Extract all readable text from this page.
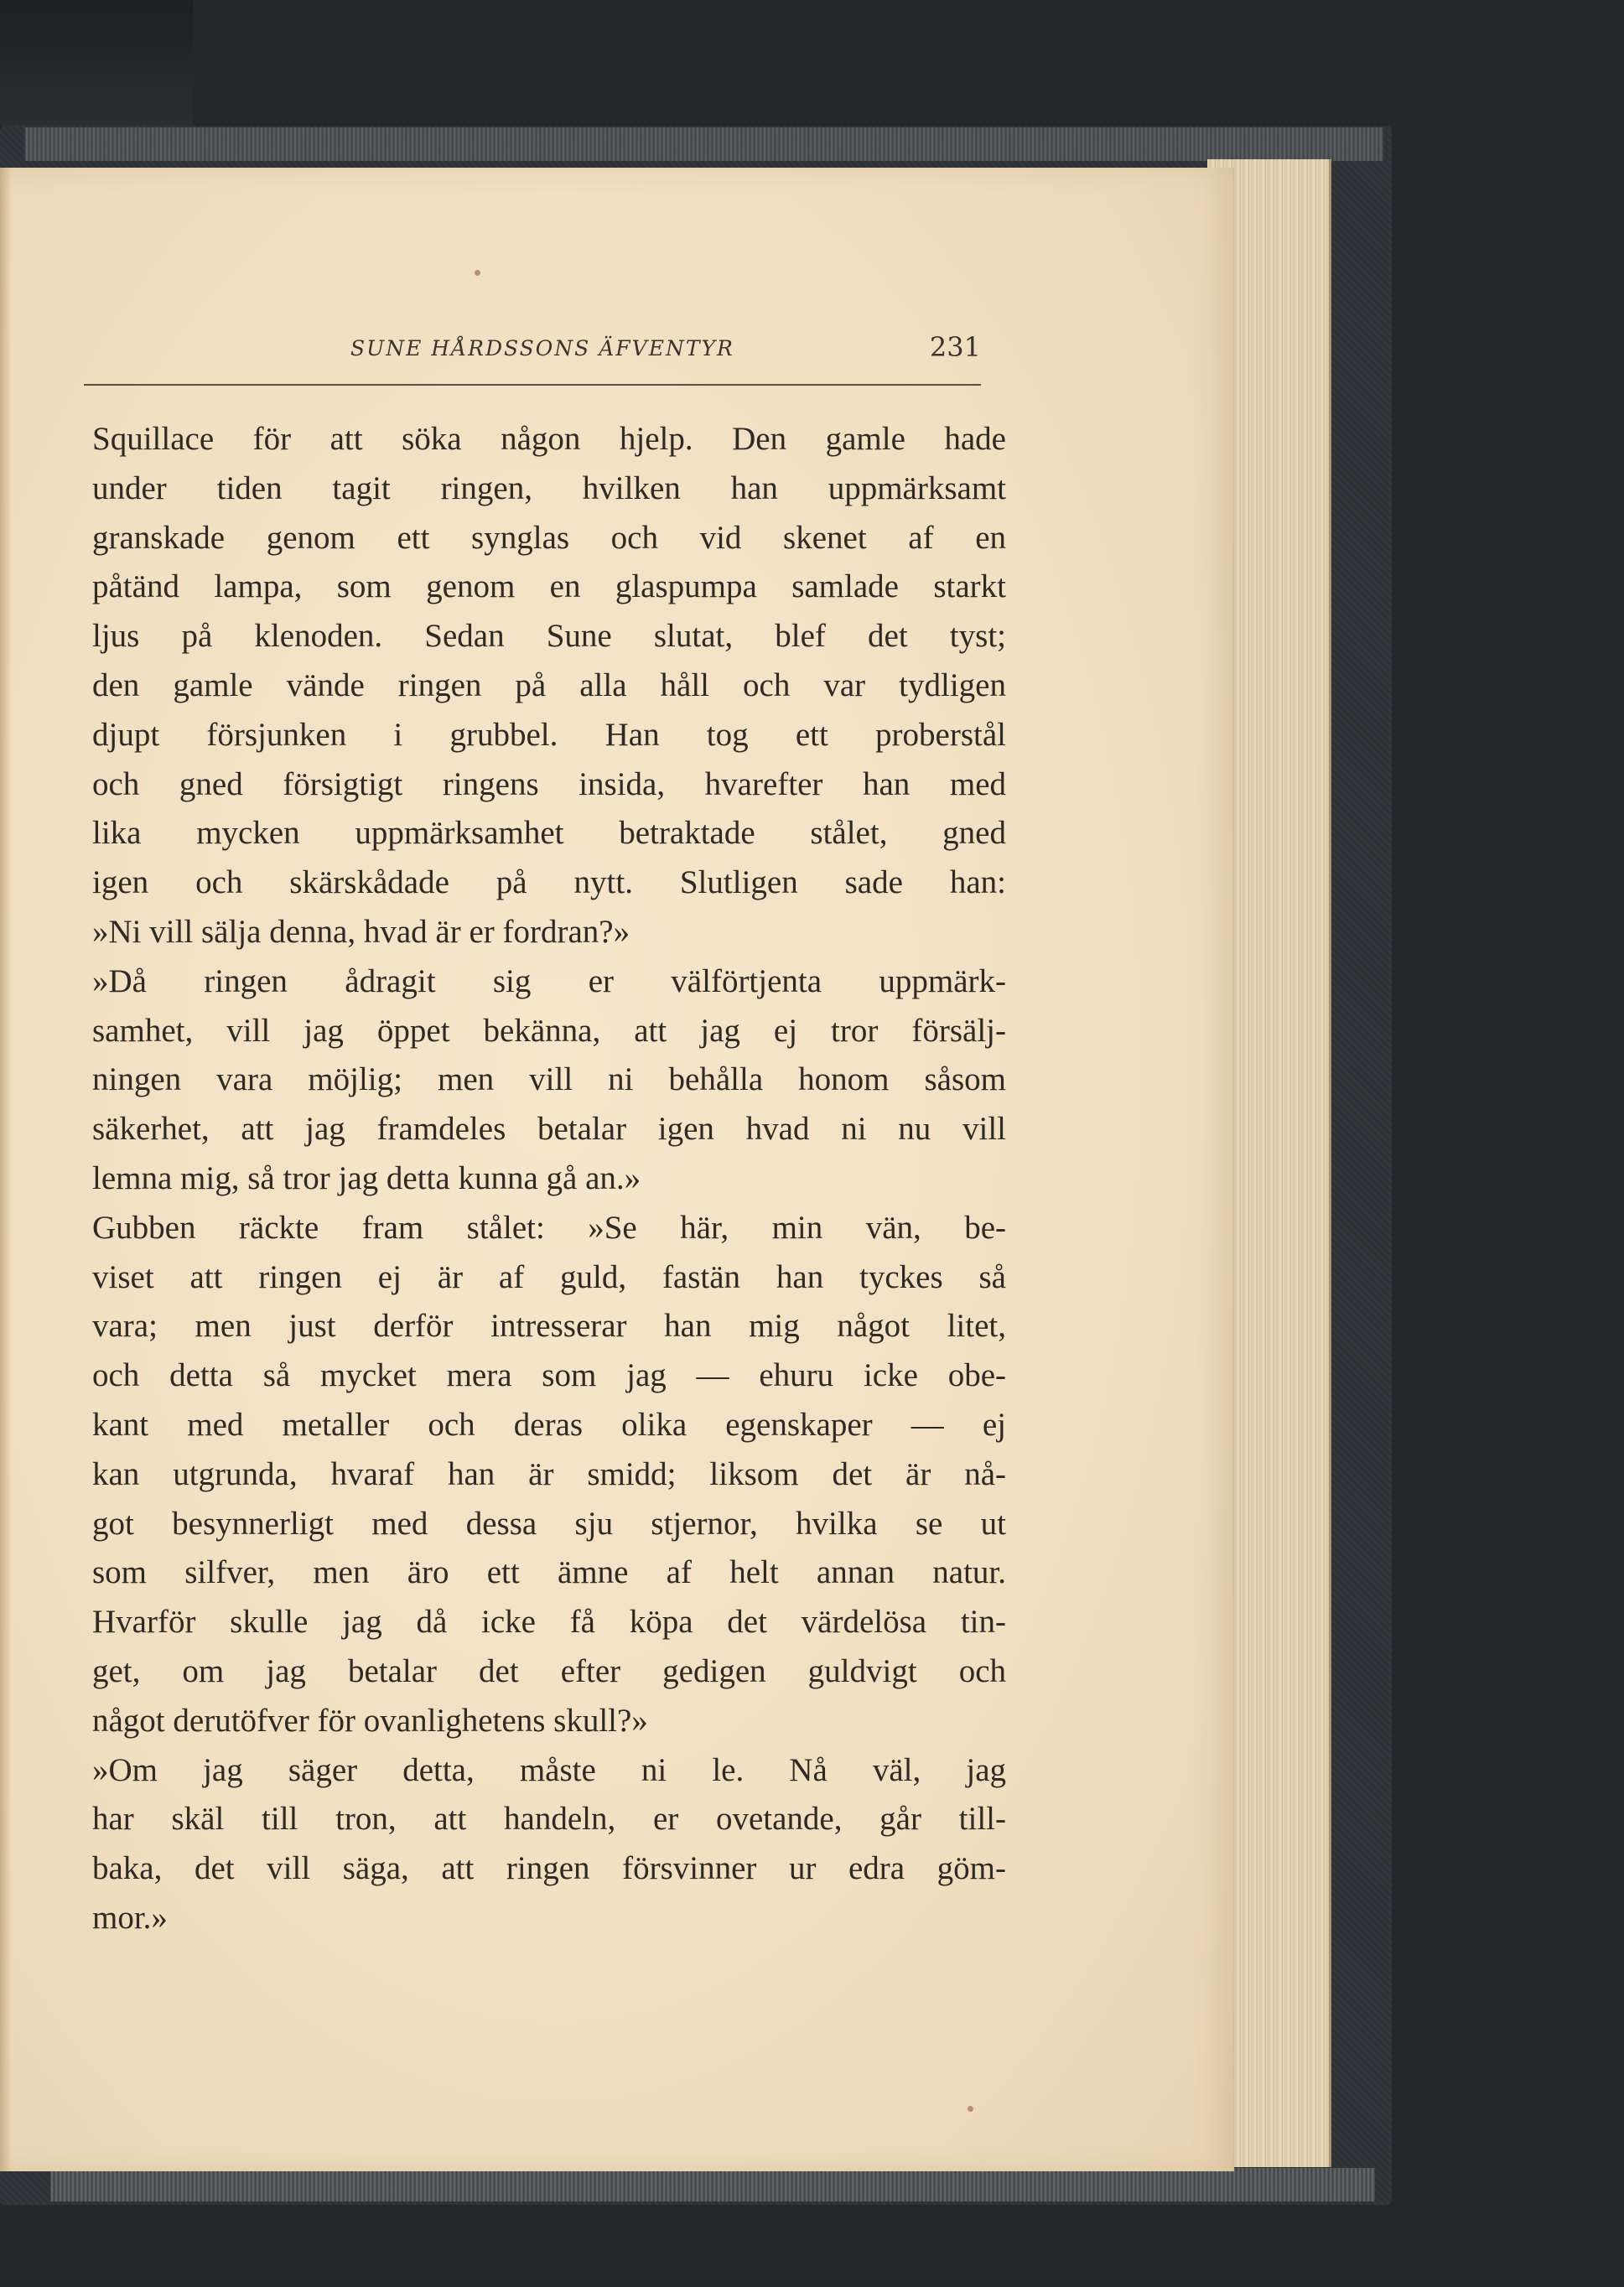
SUNE HÅRDSSONS ÄFVENTYR	231
Squillace för att söka någon hjelp. Den gamle hade
under tiden tagit ringen, hvilken han uppmärksamt
granskade genom ett synglas och vid skenet af en
påtänd lampa, som genom en glaspumpa samlade starkt
ljus på klenoden. Sedan Sune slutat, blef det tyst;
den gamle vände ringen på alla håll och var tydligen
djupt försjunken i grubbel. Han tog ett proberstål
och gned försigtigt ringens insida, hvarefter han med
lika mycken uppmärksamhet betraktade stålet, gned
igen och skärskådade på nytt. Slutligen sade han:
»Ni vill sälja denna, hvad är er fordran?»
»Då ringen ådragit sig er välförtjenta uppmärk-
samhet, vill jag öppet bekänna, att jag ej tror försälj-
ningen vara möjlig; men vill ni behålla honom såsom
säkerhet, att jag framdeles betalar igen hvad ni nu vill
lemna mig, så tror jag detta kunna gå an.»
Gubben räckte fram stålet: »Se här, min vän, be-
viset att ringen ej är af guld, fastän han tyckes så
vara; men just derför intresserar han mig något litet,
och detta så mycket mera som jag — ehuru icke obe-
kant med metaller och deras olika egenskaper — ej
kan utgrunda, hvaraf han är smidd; liksom det är nå-
got besynnerligt med dessa sju stjernor, hvilka se ut
som silfver, men äro ett ämne af helt annan natur.
Hvarför skulle jag då icke få köpa det värdelösa tin-
get, om jag betalar det efter gedigen guldvigt och
något derutöfver för ovanlighetens skull?»
»Om jag säger detta, måste ni le. Nå väl, jag
har skäl till tron, att handeln, er ovetande, går till-
baka, det vill säga, att ringen försvinner ur edra göm-
mor.»
